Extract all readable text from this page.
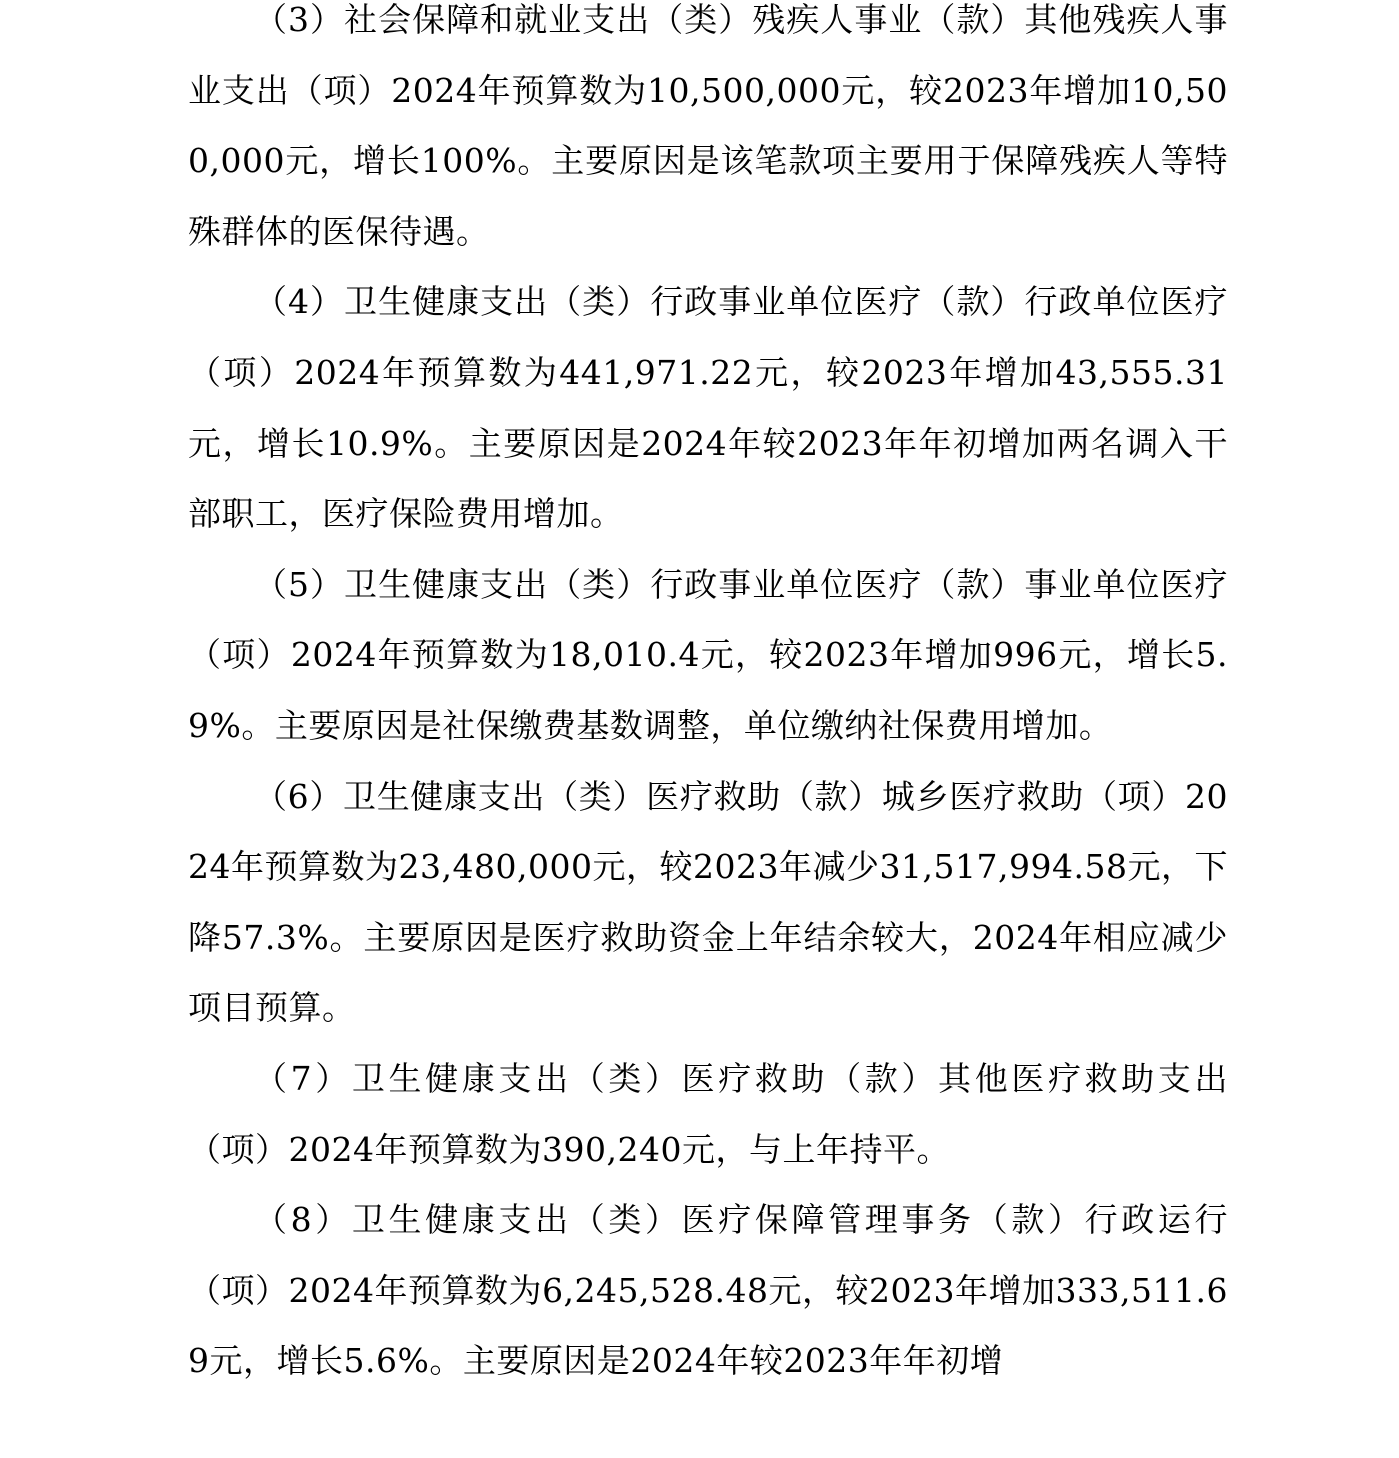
（3）社会保障和就业支出（类）残疾人事业（款）其他残疾人事业支出（项）2024年预算数为10,500,000元，较2023年增加10,500,000元，增长100%。主要原因是该笔款项主要用于保障残疾人等特殊群体的医保待遇。

（4）卫生健康支出（类）行政事业单位医疗（款）行政单位医疗（项）2024年预算数为441,971.22元，较2023年增加43,555.31元，增长10.9%。主要原因是2024年较2023年年初增加两名调入干部职工，医疗保险费用增加。

（5）卫生健康支出（类）行政事业单位医疗（款）事业单位医疗（项）2024年预算数为18,010.4元，较2023年增加996元，增长5.9%。主要原因是社保缴费基数调整，单位缴纳社保费用增加。

（6）卫生健康支出（类）医疗救助（款）城乡医疗救助（项）2024年预算数为23,480,000元，较2023年减少31,517,994.58元，下降57.3%。主要原因是医疗救助资金上年结余较大，2024年相应减少项目预算。

（7）卫生健康支出（类）医疗救助（款）其他医疗救助支出（项）2024年预算数为390,240元，与上年持平。

（8）卫生健康支出（类）医疗保障管理事务（款）行政运行（项）2024年预算数为6,245,528.48元，较2023年增加333,511.69元，增长5.6%。主要原因是2024年较2023年年初增
